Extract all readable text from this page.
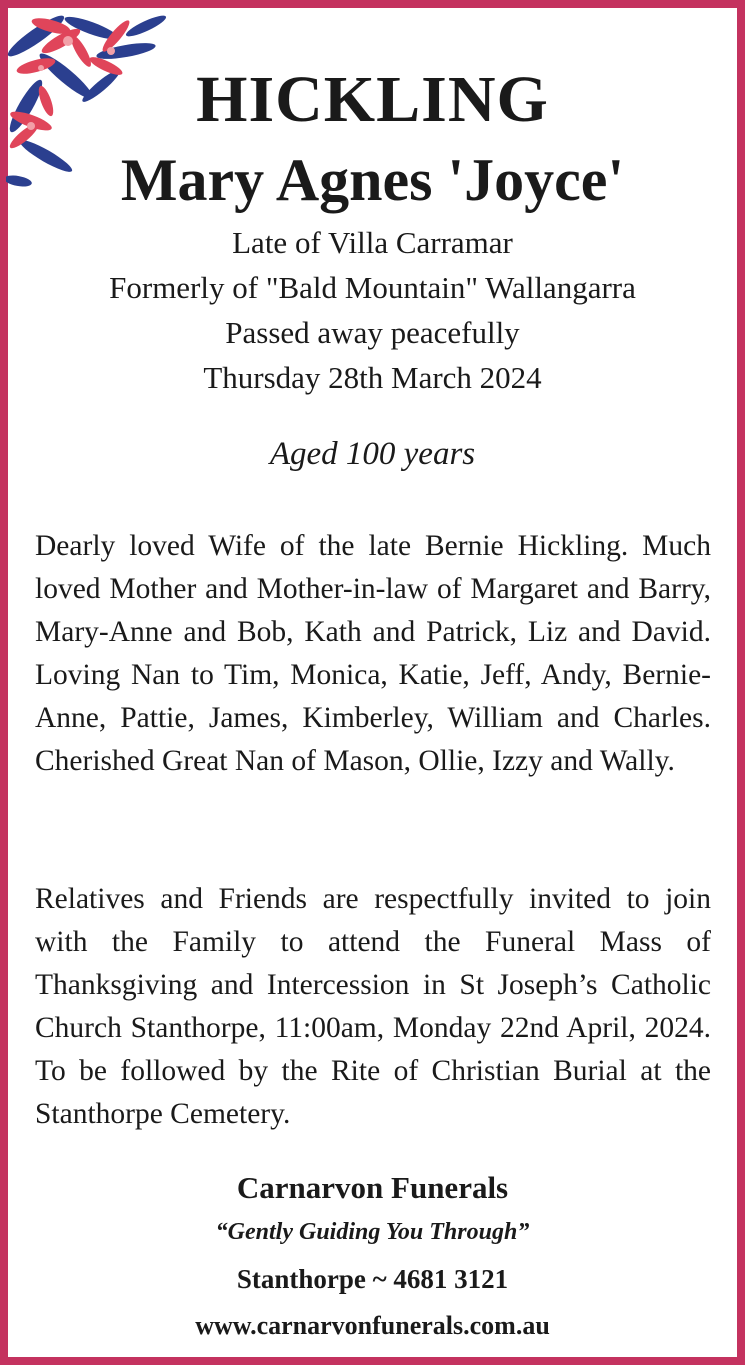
HICKLING
Mary Agnes 'Joyce'
Late of Villa Carramar
Formerly of "Bald Mountain" Wallangarra
Passed away peacefully
Thursday 28th March 2024
Aged 100 years
Dearly loved Wife of the late Bernie Hickling. Much loved Mother and Mother-in-law of Margaret and Barry, Mary-Anne and Bob, Kath and Patrick, Liz and David. Loving Nan to Tim, Monica, Katie, Jeff, Andy, Bernie-Anne, Pattie, James, Kimberley, William and Charles. Cherished Great Nan of Mason, Ollie, Izzy and Wally.
Relatives and Friends are respectfully invited to join with the Family to attend the Funeral Mass of Thanksgiving and Intercession in St Joseph’s Catholic Church Stanthorpe, 11:00am, Monday 22nd April, 2024. To be followed by the Rite of Christian Burial at the Stanthorpe Cemetery.
Carnarvon Funerals
“Gently Guiding You Through”
Stanthorpe ~ 4681 3121
www.carnarvonfunerals.com.au
